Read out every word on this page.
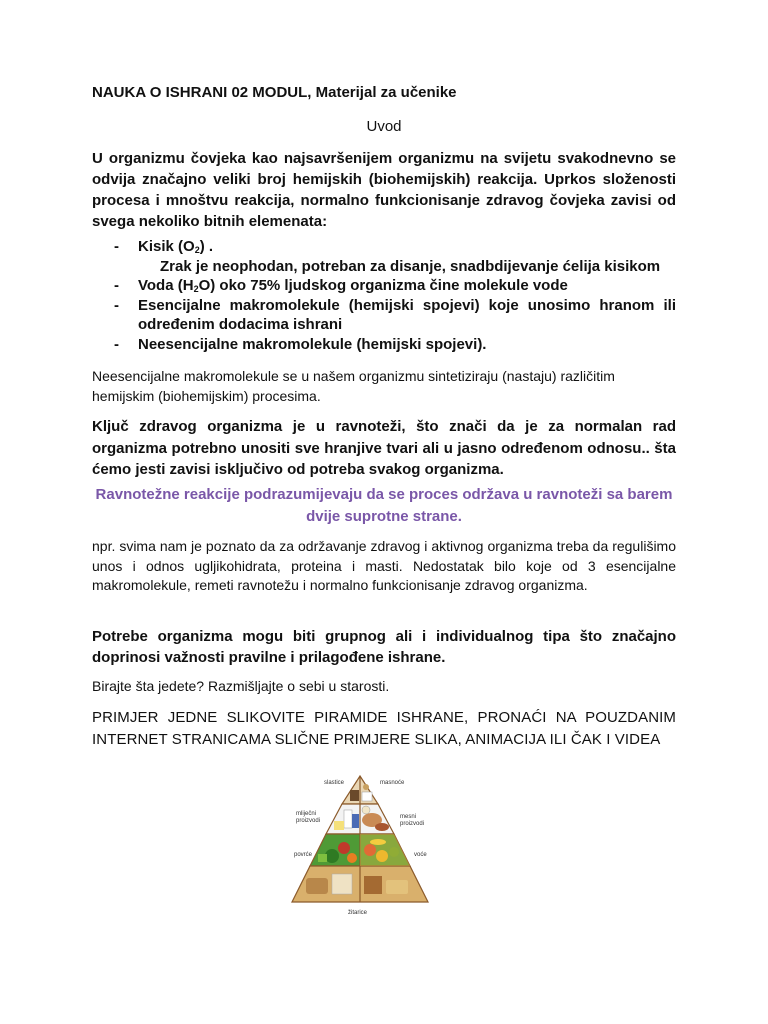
NAUKA O ISHRANI 02 MODUL, Materijal za učenike

Uvod

U organizmu čovjeka kao najsavršenijem organizmu na svijetu svakodnevno se odvija značajno veliki broj hemijskih (biohemijskih) reakcija. Uprkos složenosti procesa i mnoštvu reakcija, normalno funkcionisanje zdravog čovjeka zavisi od svega nekoliko bitnih elemenata:

-	Kisik $(O_2)$ .
Zrak je neophodan, potreban za disanje, snadbdijevanje ćelija kisikom
-	Voda $(H_2O)$ oko 75% ljudskog organizma čine molekule vode
-	Esencijalne makromolekule (hemijski spojevi) koje unosimo hranom ili određenim dodacima ishrani
-	Neesencijalne makromolekule (hemijski spojevi).

Neesencijalne makromolekule se u našem organizmu sintetiziraju (nastaju) različitim hemijskim (biohemijskim) procesima.

Ključ zdravog organizma je u ravnoteži, što znači da je za normalan rad organizma potrebno unositi sve hranjive tvari ali u jasno određenom odnosu.. šta ćemo jesti zavisi isključivo od potreba svakog organizma.

Ravnotežne reakcije podrazumijevaju da se proces održava u ravnoteži sa barem dvije suprotne strane.

npr. svima nam je poznato da za održavanje zdravog i aktivnog organizma treba da regulišimo unos i odnos ugljikohidrata, proteina i masti. Nedostatak bilo koje od 3 esencijalne makromolekule, remeti ravnotežu i normalno funkcionisanje zdravog organizma.

Potrebe organizma mogu biti grupnog ali i individualnog tipa što značajno doprinosi važnosti pravilne i prilagođene ishrane.

Birajte šta jedete? Razmišljajte o sebi u starosti.

PRIMJER JEDNE SLIKOVITE PIRAMIDE ISHRANE, PRONAĆI NA POUZDANIM INTERNET STRANICAMA SLIČNE PRIMJERE SLIKA, ANIMACIJA ILI ČAK I VIDEA

slastice	masnoće
mliječni
proizvodi
mesni
proizvodi
povrće	voće
žitarice
